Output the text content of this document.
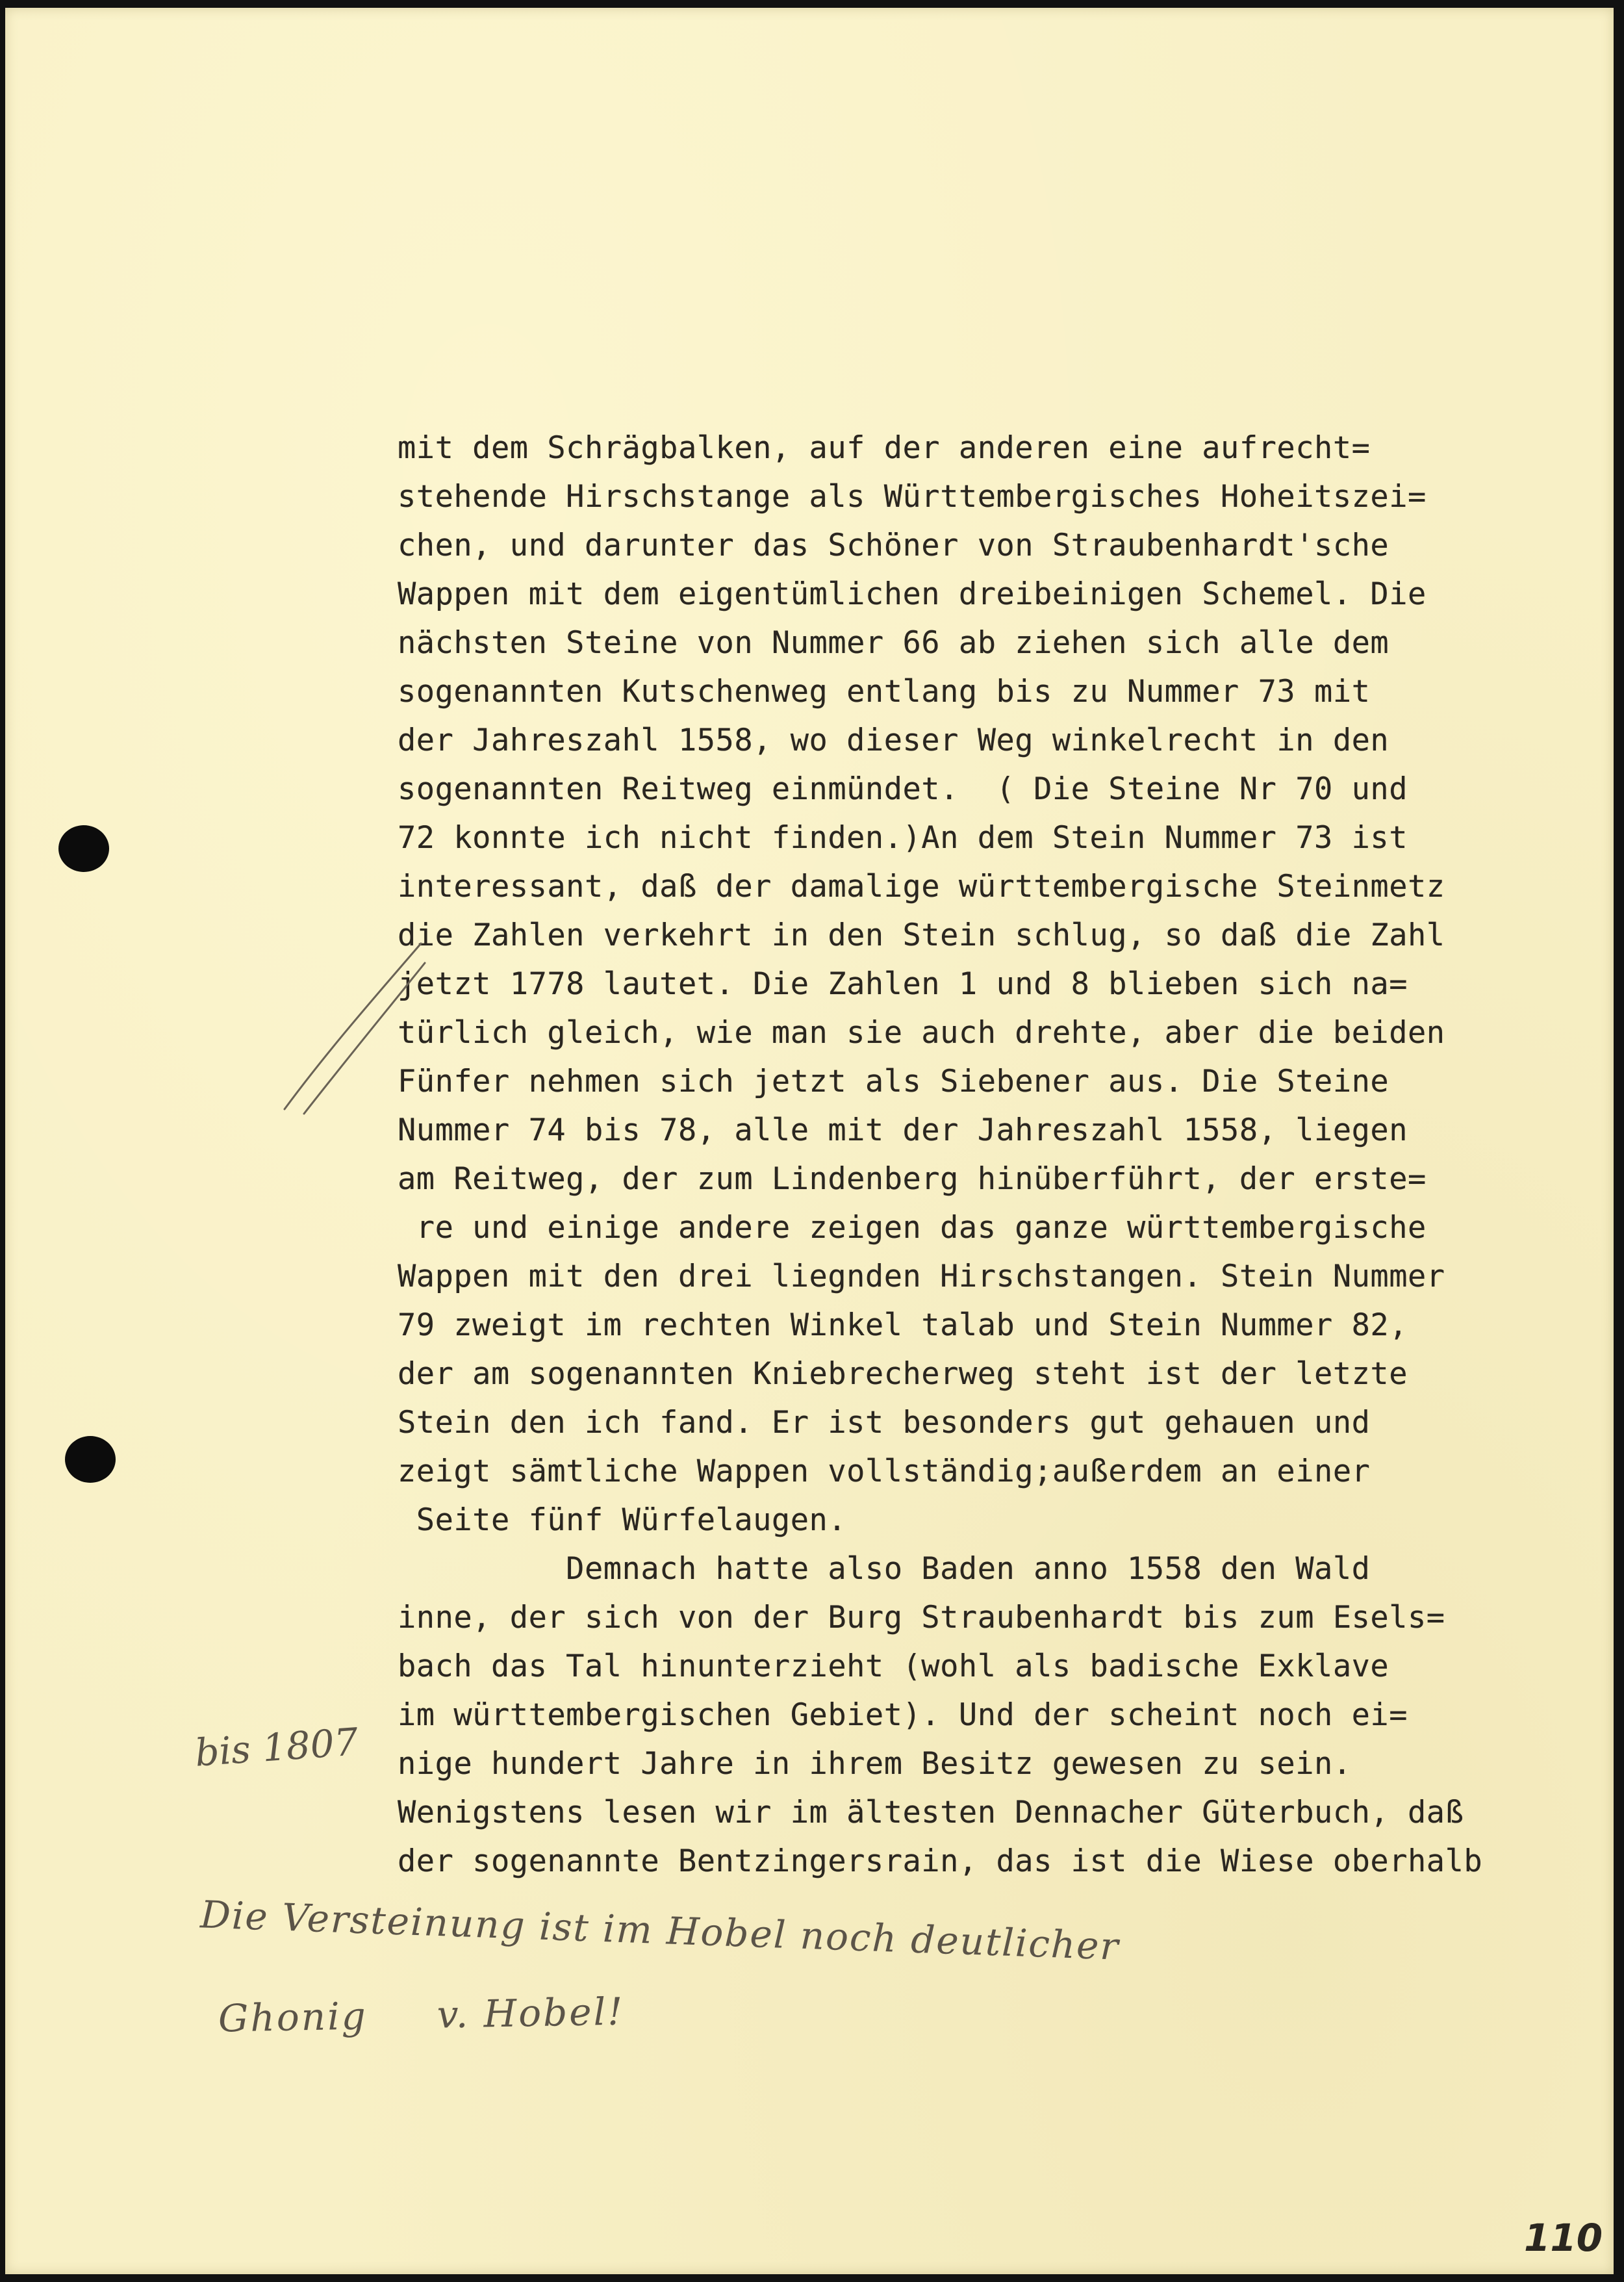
mit dem Schrägbalken, auf der anderen eine aufrecht=
stehende Hirschstange als Württembergisches Hoheitszei=
chen, und darunter das Schöner von Straubenhardt'sche
Wappen mit dem eigentümlichen dreibeinigen Schemel. Die
nächsten Steine von Nummer 66 ab ziehen sich alle dem
sogenannten Kutschenweg entlang bis zu Nummer 73 mit
der Jahreszahl 1558, wo dieser Weg winkelrecht in den
sogenannten Reitweg einmündet.  ( Die Steine Nr 70 und
72 konnte ich nicht finden.)An dem Stein Nummer 73 ist
interessant, daß der damalige württembergische Steinmetz
die Zahlen verkehrt in den Stein schlug, so daß die Zahl
jetzt 1778 lautet. Die Zahlen 1 und 8 blieben sich na=
türlich gleich, wie man sie auch drehte, aber die beiden
Fünfer nehmen sich jetzt als Siebener aus. Die Steine
Nummer 74 bis 78, alle mit der Jahreszahl 1558, liegen
am Reitweg, der zum Lindenberg hinüberführt, der erste=
re und einige andere zeigen das ganze württembergische
Wappen mit den drei liegnden Hirschstangen. Stein Nummer
79 zweigt im rechten Winkel talab und Stein Nummer 82,
der am sogenannten Kniebrecherweg steht ist der letzte
Stein den ich fand. Er ist besonders gut gehauen und
zeigt sämtliche Wappen vollständig;außerdem an einer
Seite fünf Würfelaugen.
Demnach hatte also Baden anno 1558 den Wald
inne, der sich von der Burg Straubenhardt bis zum Esels=
bach das Tal hinunterzieht (wohl als badische Exklave
im württembergischen Gebiet). Und der scheint noch ei=
nige hundert Jahre in ihrem Besitz gewesen zu sein.
Wenigstens lesen wir im ältesten Dennacher Güterbuch, daß
der sogenannte Bentzingersrain, das ist die Wiese oberhalb
bis 1807
Die Versteinung ist im Hobel noch deutlicher
Ghonig     v. Hobel!
110
